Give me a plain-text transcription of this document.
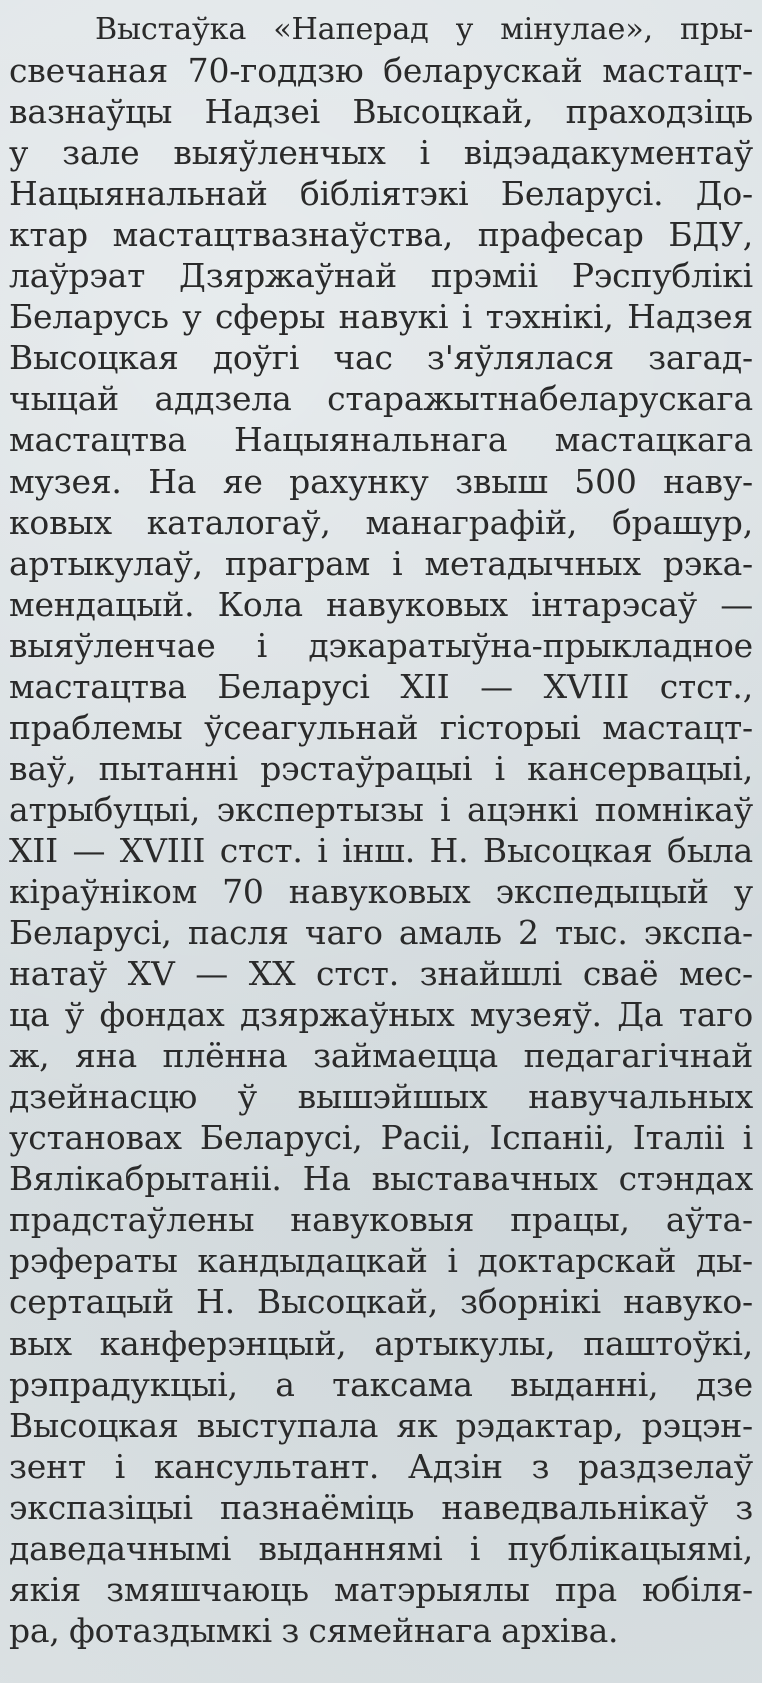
Выстаўка «Наперад у мінулае», пры-
свечаная 70-годдзю беларускай мастацт-
вазнаўцы Надзеі Высоцкай, праходзіць
у зале выяўленчых і відэадакументаў
Нацыянальнай бібліятэкі Беларусі. До-
ктар мастацтвазнаўства, прафесар БДУ,
лаўрэат Дзяржаўнай прэміі Рэспублікі
Беларусь у сферы навукі і тэхнікі, Надзея
Высоцкая доўгі час з'яўлялася загад-
чыцай аддзела старажытнабеларускага
мастацтва Нацыянальнага мастацкага
музея. На яе рахунку звыш 500 наву-
ковых каталогаў, манаграфій, брашур,
артыкулаў, праграм і метадычных рэка-
мендацый. Кола навуковых інтарэсаў —
выяўленчае і дэкаратыўна-прыкладное
мастацтва Беларусі XII — XVIII стст.,
праблемы ўсеагульнай гісторыі мастацт-
ваў, пытанні рэстаўрацыі і кансервацыі,
атрыбуцыі, экспертызы і ацэнкі помнікаў
XII — XVIII стст. і інш. Н. Высоцкая была
кіраўніком 70 навуковых экспедыцый у
Беларусі, пасля чаго амаль 2 тыс. экспа-
натаў XV — XX стст. знайшлі сваё мес-
ца ў фондах дзяржаўных музеяў. Да таго
ж, яна плённа займаецца педагагічнай
дзейнасцю ў вышэйшых навучальных
установах Беларусі, Расіі, Іспаніі, Італіі і
Вялікабрытаніі. На выставачных стэндах
прадстаўлены навуковыя працы, аўта-
рэфераты кандыдацкай і доктарскай ды-
сертацый Н. Высоцкай, зборнікі навуко-
вых канферэнцый, артыкулы, паштоўкі,
рэпрадукцыі, а таксама выданні, дзе
Высоцкая выступала як рэдактар, рэцэн-
зент і кансультант. Адзін з раздзелаў
экспазіцыі пазнаёміць наведвальнікаў з
даведачнымі выданнямі і публікацыямі,
якія змяшчаюць матэрыялы пра юбіля-
ра, фотаздымкі з сямейнага архіва.
